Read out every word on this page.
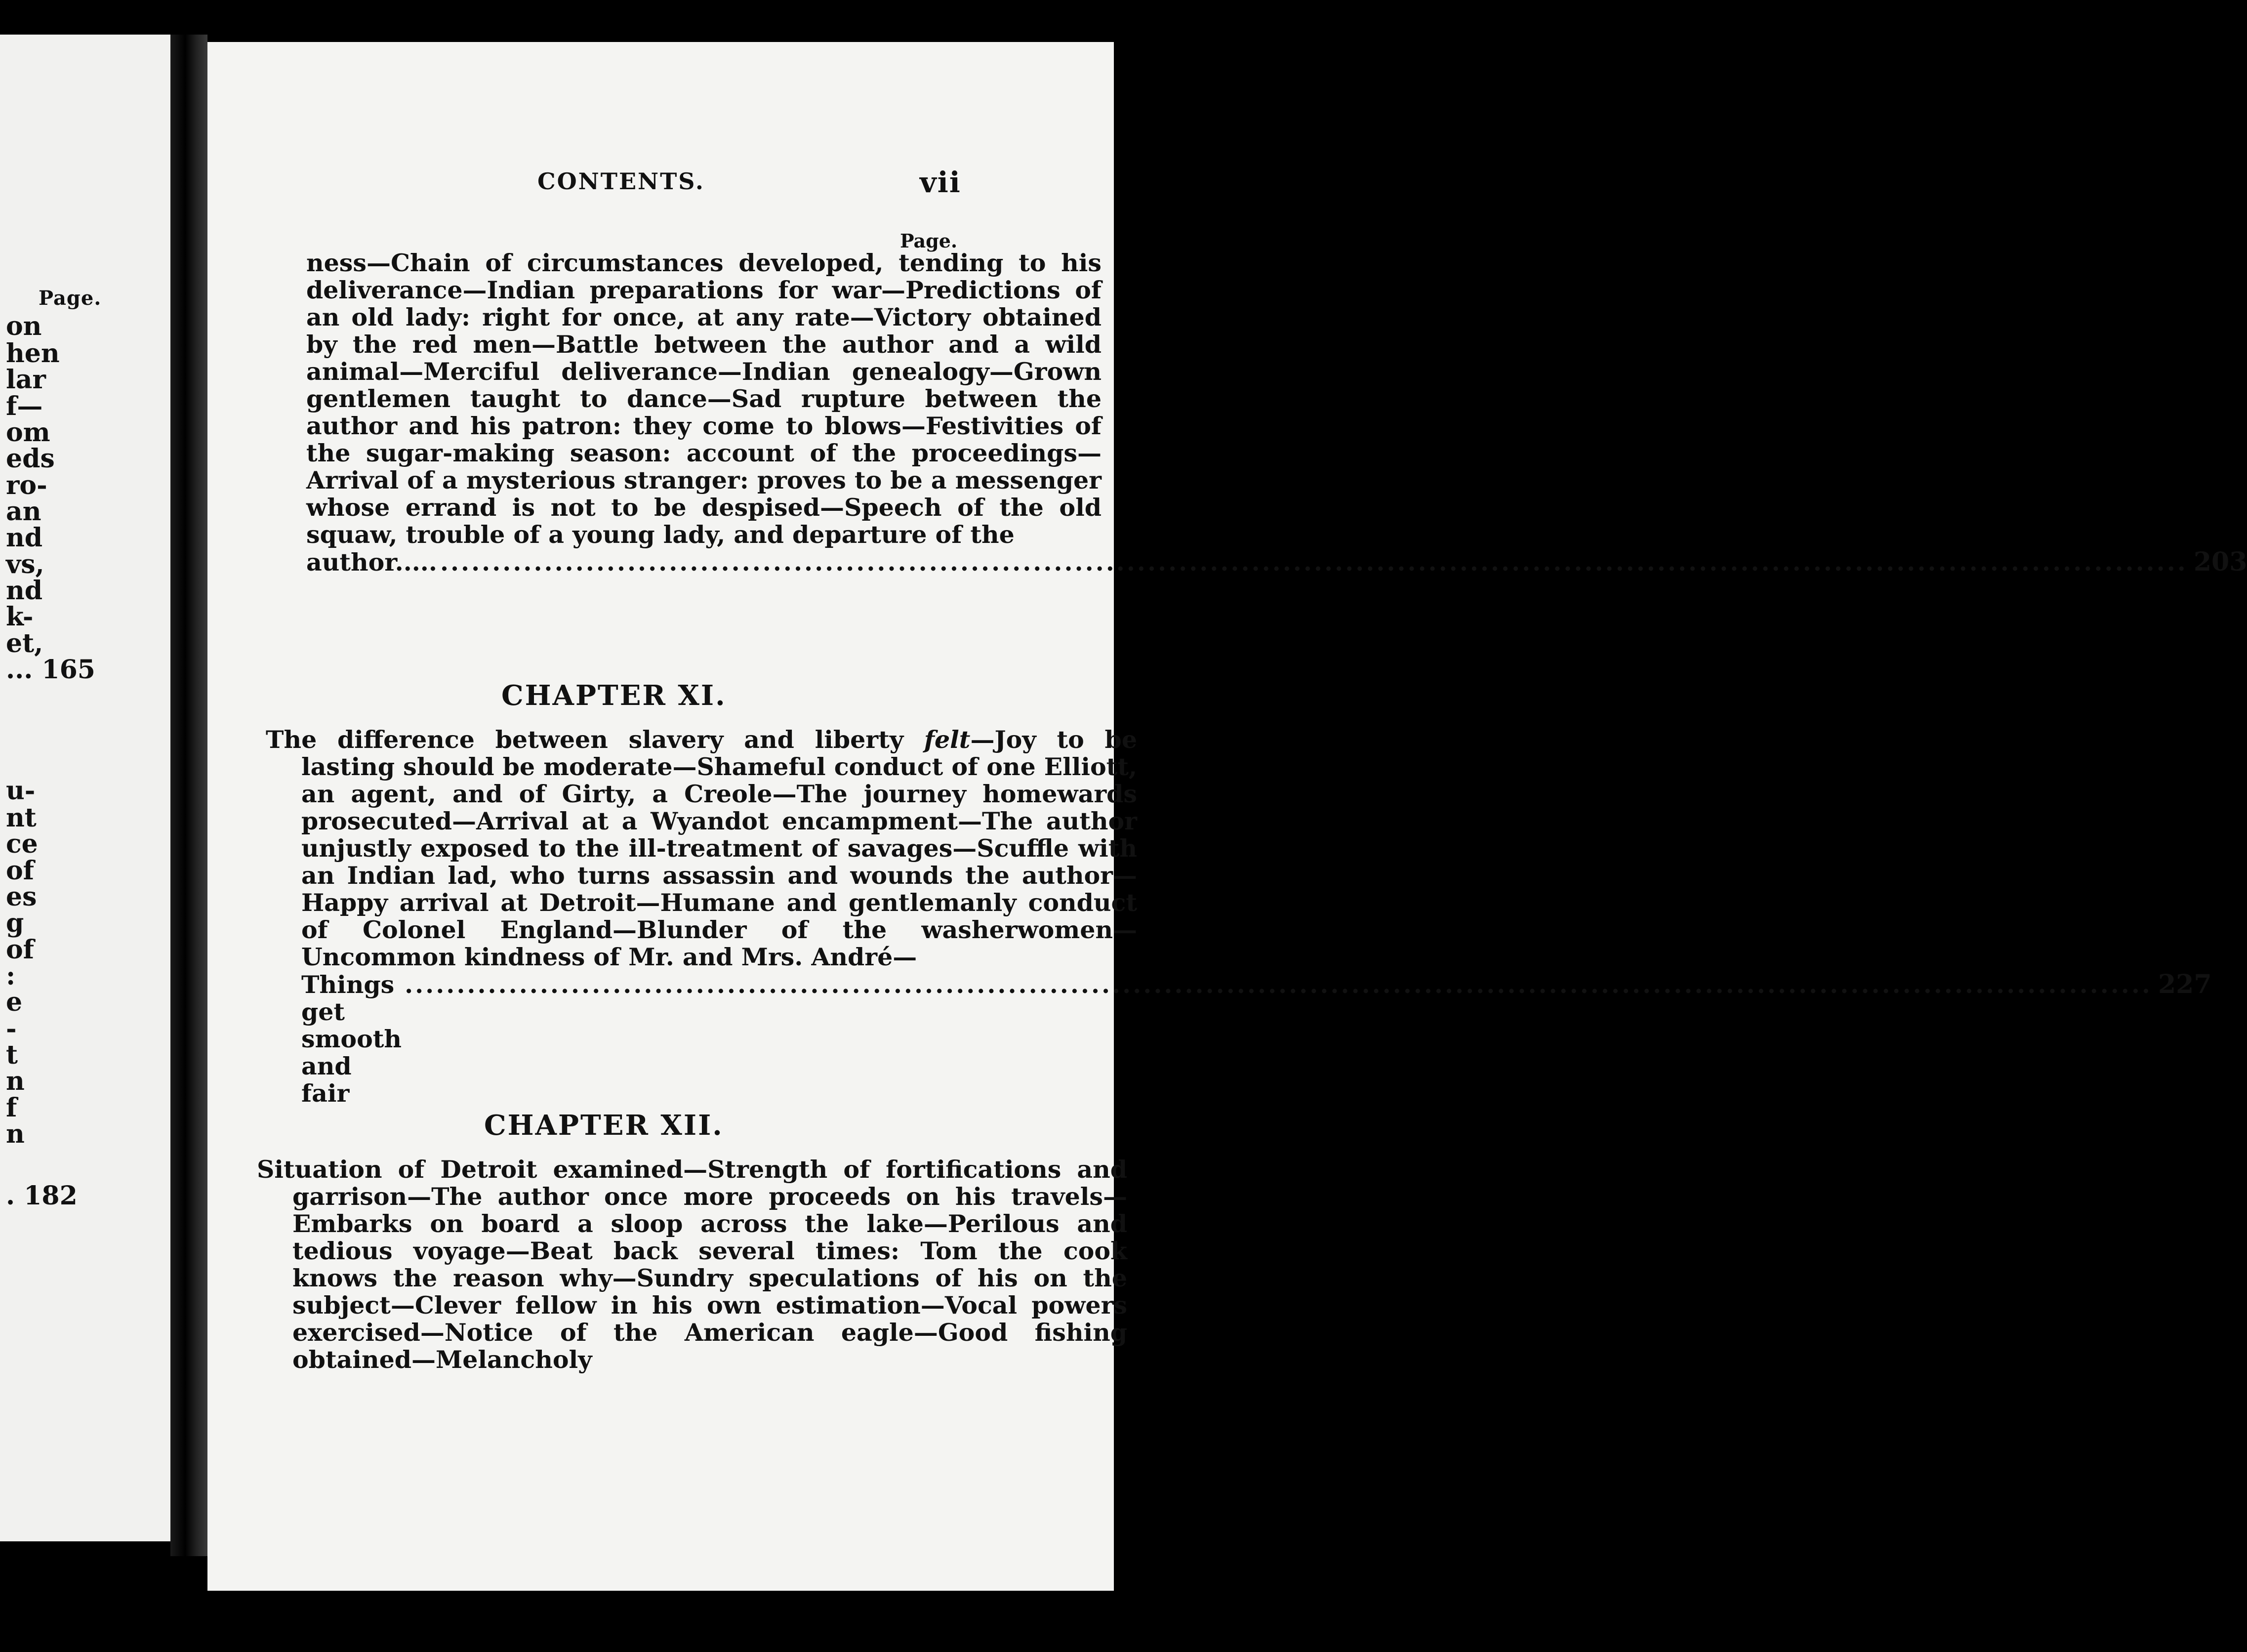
Page.
on
hen
lar
f—
om
eds
ro-
an
nd
vs,
nd
k-
et,
... 165
u-
nt
ce
of
es
g
of
:
e
-
t
n
f
n
. 182
CONTENTS.	vii
Page.
ness—Chain of circumstances developed, tending to his deliverance—Indian preparations for war—Predictions of an old lady: right for once, at any rate—Victory obtained by the red men—Battle between the author and a wild animal—Merciful deliverance—Indian genealogy—Grown gentlemen taught to dance—Sad rupture between the author and his patron: they come to blows—Festivities of the sugar-making season: account of the proceedings—Arrival of a mysterious stranger: proves to be a messenger whose errand is not to be despised—Speech of the old squaw, trouble of a young lady, and departure of the
author.....
.....	203
CHAPTER XI.
The difference between slavery and liberty felt—Joy to be lasting should be moderate—Shameful conduct of one Elliott, an agent, and of Girty, a Creole—The journey homewards prosecuted—Arrival at a Wyandot encampment—The author unjustly exposed to the ill-treatment of savages—Scuffle with an Indian lad, who turns assassin and wounds the author—Happy arrival at Detroit—Humane and gentlemanly conduct of Colonel England—Blunder of the washerwomen—Uncommon kindness of Mr. and Mrs. André—
Things get smooth and fair
.....
227
CHAPTER XII.
Situation of Detroit examined—Strength of fortifications and garrison—The author once more proceeds on his travels—Embarks on board a sloop across the lake—Perilous and tedious voyage—Beat back several times: Tom the cook knows the reason why—Sundry speculations of his on the subject—Clever fellow in his own estimation—Vocal powers exercised—Notice of the American eagle—Good fishing obtained—Melancholy
